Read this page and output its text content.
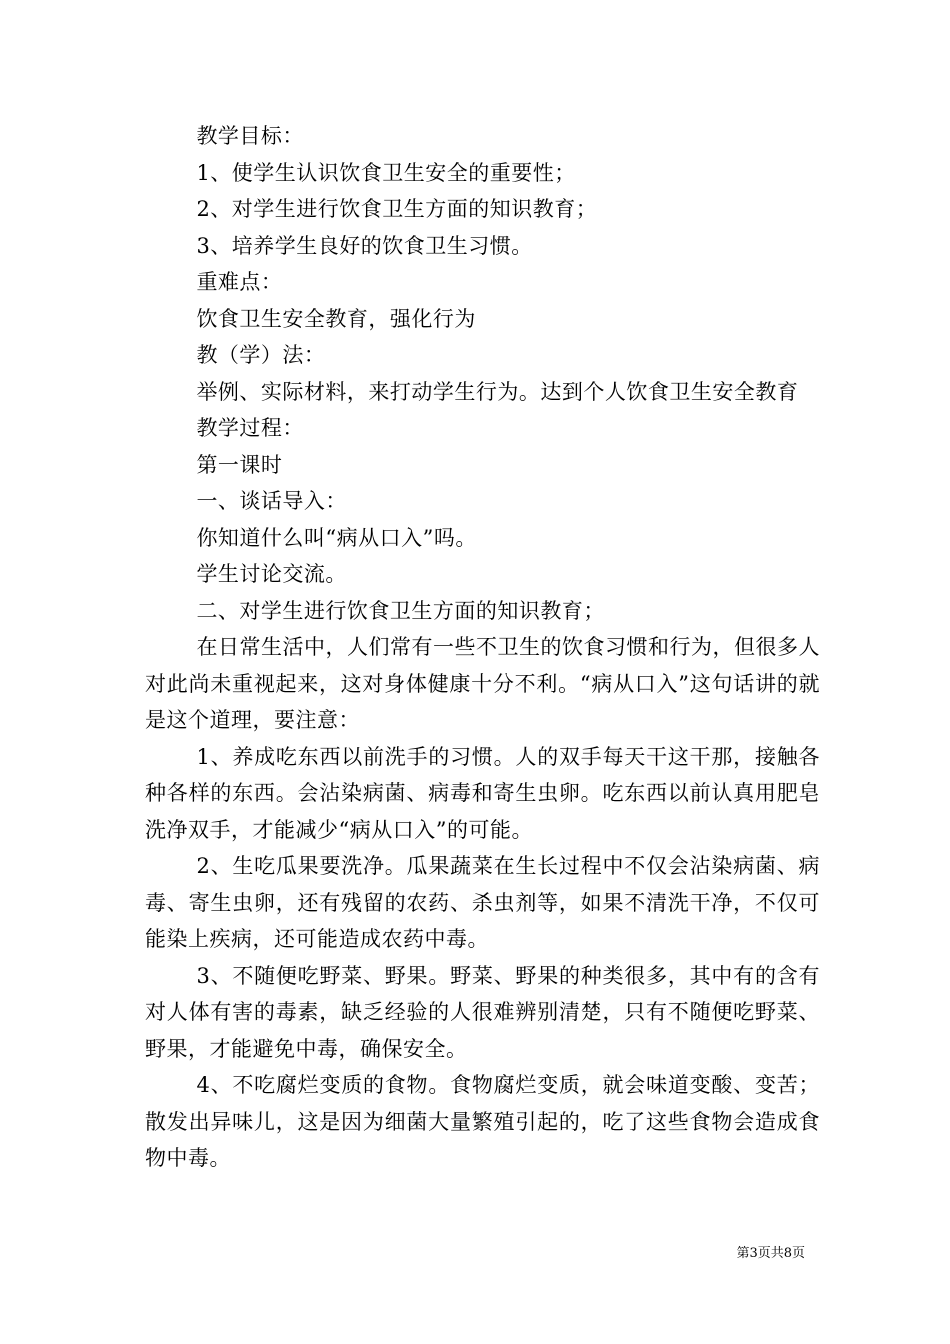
教学目标：

1、使学生认识饮食卫生安全的重要性；

2、对学生进行饮食卫生方面的知识教育；

3、培养学生良好的饮食卫生习惯。

重难点：

饮食卫生安全教育，强化行为

教（学）法：

举例、实际材料，来打动学生行为。达到个人饮食卫生安全教育

教学过程：

第一课时

一、谈话导入：

你知道什么叫“病从口入”吗。

学生讨论交流。

二、对学生进行饮食卫生方面的知识教育；

在日常生活中，人们常有一些不卫生的饮食习惯和行为，但很多人对此尚未重视起来，这对身体健康十分不利。“病从口入”这句话讲的就是这个道理，要注意：

1、养成吃东西以前洗手的习惯。人的双手每天干这干那，接触各种各样的东西。会沾染病菌、病毒和寄生虫卵。吃东西以前认真用肥皂洗净双手，才能减少“病从口入”的可能。

2、生吃瓜果要洗净。瓜果蔬菜在生长过程中不仅会沾染病菌、病毒、寄生虫卵，还有残留的农药、杀虫剂等，如果不清洗干净，不仅可能染上疾病，还可能造成农药中毒。

3、不随便吃野菜、野果。野菜、野果的种类很多，其中有的含有对人体有害的毒素，缺乏经验的人很难辨别清楚，只有不随便吃野菜、野果，才能避免中毒，确保安全。

4、不吃腐烂变质的食物。食物腐烂变质，就会味道变酸、变苦；散发出异味儿，这是因为细菌大量繁殖引起的，吃了这些食物会造成食物中毒。

第3页共8页
